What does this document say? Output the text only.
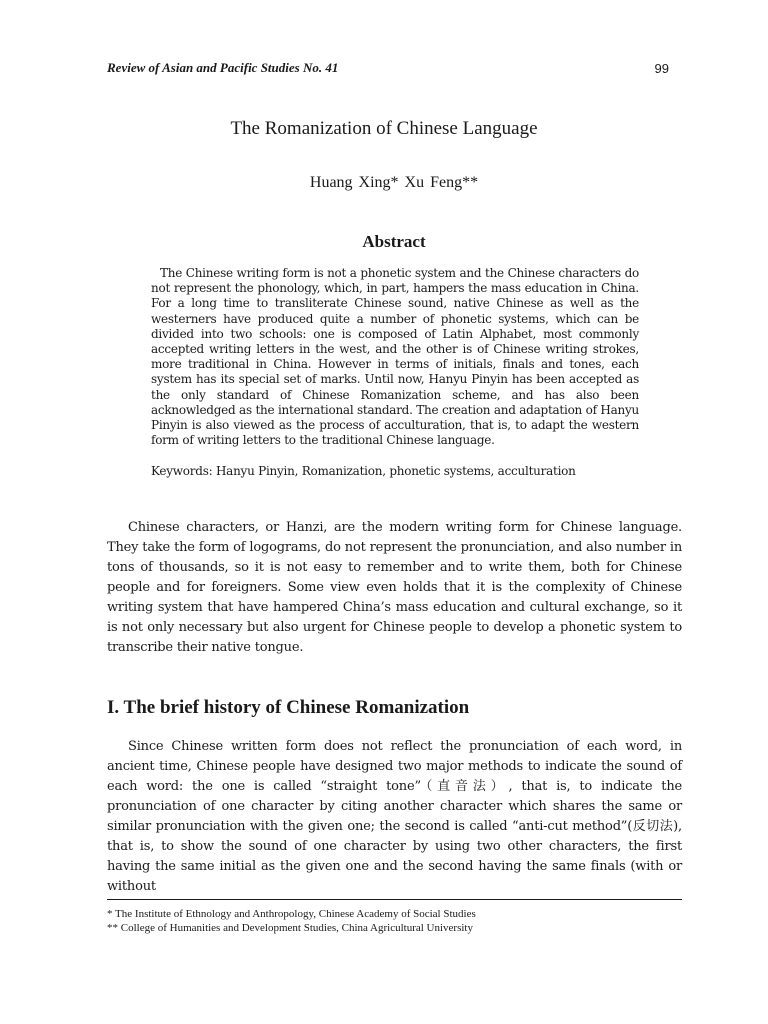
Review of Asian and Pacific Studies No. 41	99
The Romanization of Chinese Language
Huang Xing* Xu Feng**
Abstract

The Chinese writing form is not a phonetic system and the Chinese characters do not represent the phonology, which, in part, hampers the mass education in China. For a long time to transliterate Chinese sound, native Chinese as well as the westerners have produced quite a number of phonetic systems, which can be divided into two schools: one is composed of Latin Alphabet, most commonly accepted writing letters in the west, and the other is of Chinese writing strokes, more traditional in China. However in terms of initials, finals and tones, each system has its special set of marks. Until now, Hanyu Pinyin has been accepted as the only standard of Chinese Romanization scheme, and has also been acknowledged as the international standard. The creation and adaptation of Hanyu Pinyin is also viewed as the process of acculturation, that is, to adapt the western form of writing letters to the traditional Chinese language.

Keywords: Hanyu Pinyin, Romanization, phonetic systems, acculturation

Chinese characters, or Hanzi, are the modern writing form for Chinese language. They take the form of logograms, do not represent the pronunciation, and also number in tons of thousands, so it is not easy to remember and to write them, both for Chinese people and for foreigners. Some view even holds that it is the complexity of Chinese writing system that have hampered China’s mass education and cultural exchange, so it is not only necessary but also urgent for Chinese people to develop a phonetic system to transcribe their native tongue.

I. The brief history of Chinese Romanization

Since Chinese written form does not reflect the pronunciation of each word, in ancient time, Chinese people have designed two major methods to indicate the sound of each word: the one is called “straight tone”（直音法）, that is, to indicate the pronunciation of one character by citing another character which shares the same or similar pronunciation with the given one; the second is called “anti-cut method”(反切法), that is, to show the sound of one character by using two other characters, the first having the same initial as the given one and the second having the same finals (with or without

* The Institute of Ethnology and Anthropology, Chinese Academy of Social Studies
** College of Humanities and Development Studies, China Agricultural University
